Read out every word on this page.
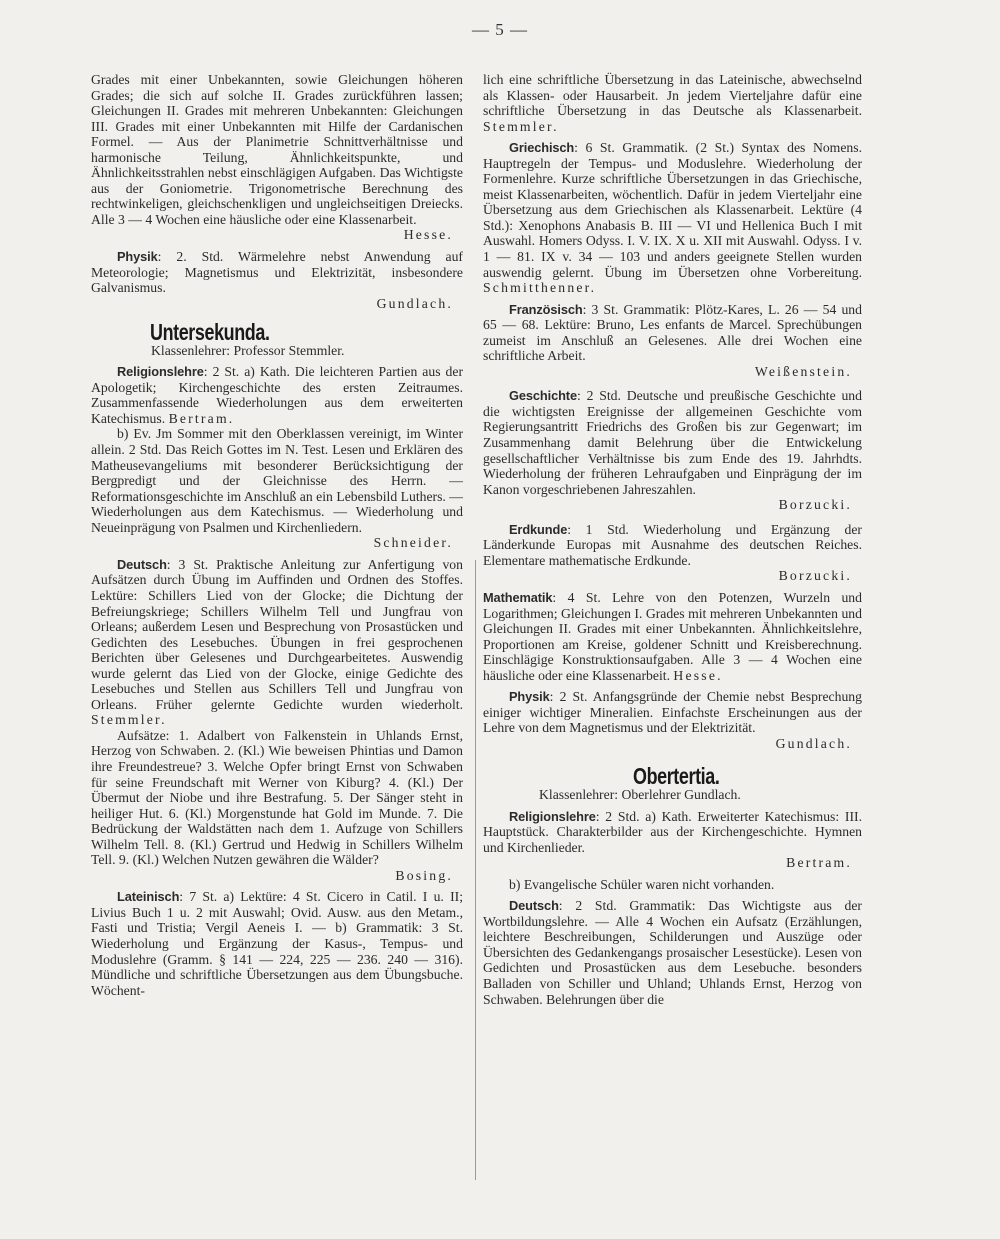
— 5 —

Grades mit einer Unbekannten, sowie Gleichungen höheren Grades; die sich auf solche II. Grades zurückführen lassen; Gleichungen II. Grades mit mehreren Unbekannten: Gleichungen III. Grades mit einer Unbekannten mit Hilfe der Cardanischen Formel. — Aus der Planimetrie Schnittverhältnisse und harmonische Teilung, Ähnlichkeitspunkte, und Ähnlichkeitsstrahlen nebst einschlägigen Aufgaben. Das Wichtigste aus der Goniometrie. Trigonometrische Berechnung des rechtwinkeligen, gleichschenkligen und ungleichseitigen Dreiecks. Alle 3 — 4 Wochen eine häusliche oder eine Klassenarbeit.

Hesse.

Physik: 2. Std. Wärmelehre nebst Anwendung auf Meteorologie; Magnetismus und Elektrizität, insbesondere Galvanismus.

Gundlach.

Untersekunda.

Klassenlehrer: Professor Stemmler.

Religionslehre: 2 St. a) Kath. Die leichteren Partien aus der Apologetik; Kirchengeschichte des ersten Zeitraumes. Zusammenfassende Wiederholungen aus dem erweiterten Katechismus. Bertram.

b) Ev. Jm Sommer mit den Oberklassen vereinigt, im Winter allein. 2 Std. Das Reich Gottes im N. Test. Lesen und Erklären des Matheusevangeliums mit besonderer Berücksichtigung der Bergpredigt und der Gleichnisse des Herrn. — Reformationsgeschichte im Anschluß an ein Lebensbild Luthers. — Wiederholungen aus dem Katechismus. — Wiederholung und Neueinprägung von Psalmen und Kirchenliedern.

Schneider.

Deutsch: 3 St. Praktische Anleitung zur Anfertigung von Aufsätzen durch Übung im Auffinden und Ordnen des Stoffes. Lektüre: Schillers Lied von der Glocke; die Dichtung der Befreiungskriege; Schillers Wilhelm Tell und Jungfrau von Orleans; außerdem Lesen und Besprechung von Prosastücken und Gedichten des Lesebuches. Übungen in frei gesprochenen Berichten über Gelesenes und Durchgearbeitetes. Auswendig wurde gelernt das Lied von der Glocke, einige Gedichte des Lesebuches und Stellen aus Schillers Tell und Jungfrau von Orleans. Früher gelernte Gedichte wurden wiederholt. Stemmler.

Aufsätze: 1. Adalbert von Falkenstein in Uhlands Ernst, Herzog von Schwaben. 2. (Kl.) Wie beweisen Phintias und Damon ihre Freundestreue? 3. Welche Opfer bringt Ernst von Schwaben für seine Freundschaft mit Werner von Kiburg? 4. (Kl.) Der Übermut der Niobe und ihre Bestrafung. 5. Der Sänger steht in heiliger Hut. 6. (Kl.) Morgenstunde hat Gold im Munde. 7. Die Bedrückung der Waldstätten nach dem 1. Aufzuge von Schillers Wilhelm Tell. 8. (Kl.) Gertrud und Hedwig in Schillers Wilhelm Tell. 9. (Kl.) Welchen Nutzen gewähren die Wälder?

Bosing.

Lateinisch: 7 St. a) Lektüre: 4 St. Cicero in Catil. I u. II; Livius Buch 1 u. 2 mit Auswahl; Ovid. Ausw. aus den Metam., Fasti und Tristia; Vergil Aeneis I. — b) Grammatik: 3 St. Wiederholung und Ergänzung der Kasus-, Tempus- und Moduslehre (Gramm. § 141 — 224, 225 — 236. 240 — 316). Mündliche und schriftliche Übersetzungen aus dem Übungsbuche. Wöchent-

lich eine schriftliche Übersetzung in das Lateinische, abwechselnd als Klassen- oder Hausarbeit. Jn jedem Vierteljahre dafür eine schriftliche Übersetzung in das Deutsche als Klassenarbeit. Stemmler.

Griechisch: 6 St. Grammatik. (2 St.) Syntax des Nomens. Hauptregeln der Tempus- und Moduslehre. Wiederholung der Formenlehre. Kurze schriftliche Übersetzungen in das Griechische, meist Klassenarbeiten, wöchentlich. Dafür in jedem Vierteljahr eine Übersetzung aus dem Griechischen als Klassenarbeit. Lektüre (4 Std.): Xenophons Anabasis B. III — VI und Hellenica Buch I mit Auswahl. Homers Odyss. I. V. IX. X u. XII mit Auswahl. Odyss. I v. 1 — 81. IX v. 34 — 103 und anders geeignete Stellen wurden auswendig gelernt. Übung im Übersetzen ohne Vorbereitung. Schmitthenner.

Französisch: 3 St. Grammatik: Plötz-Kares, L. 26 — 54 und 65 — 68. Lektüre: Bruno, Les enfants de Marcel. Sprechübungen zumeist im Anschluß an Gelesenes. Alle drei Wochen eine schriftliche Arbeit.

Weißenstein.

Geschichte: 2 Std. Deutsche und preußische Geschichte und die wichtigsten Ereignisse der allgemeinen Geschichte vom Regierungsantritt Friedrichs des Großen bis zur Gegenwart; im Zusammenhang damit Belehrung über die Entwickelung gesellschaftlicher Verhältnisse bis zum Ende des 19. Jahrhdts. Wiederholung der früheren Lehraufgaben und Einprägung der im Kanon vorgeschriebenen Jahreszahlen.

Borzucki.

Erdkunde: 1 Std. Wiederholung und Ergänzung der Länderkunde Europas mit Ausnahme des deutschen Reiches. Elementare mathematische Erdkunde.

Borzucki.

Mathematik: 4 St. Lehre von den Potenzen, Wurzeln und Logarithmen; Gleichungen I. Grades mit mehreren Unbekannten und Gleichungen II. Grades mit einer Unbekannten. Ähnlichkeitslehre, Proportionen am Kreise, goldener Schnitt und Kreisberechnung. Einschlägige Konstruktionsaufgaben. Alle 3 — 4 Wochen eine häusliche oder eine Klassenarbeit. Hesse.

Physik: 2 St. Anfangsgründe der Chemie nebst Besprechung einiger wichtiger Mineralien. Einfachste Erscheinungen aus der Lehre von dem Magnetismus und der Elektrizität.

Gundlach.

Obertertia.

Klassenlehrer: Oberlehrer Gundlach.

Religionslehre: 2 Std. a) Kath. Erweiterter Katechismus: III. Hauptstück. Charakterbilder aus der Kirchengeschichte. Hymnen und Kirchenlieder.

Bertram.

b) Evangelische Schüler waren nicht vorhanden.

Deutsch: 2 Std. Grammatik: Das Wichtigste aus der Wortbildungslehre. — Alle 4 Wochen ein Aufsatz (Erzählungen, leichtere Beschreibungen, Schilderungen und Auszüge oder Übersichten des Gedankengangs prosaischer Lesestücke). Lesen von Gedichten und Prosastücken aus dem Lesebuche. besonders Balladen von Schiller und Uhland; Uhlands Ernst, Herzog von Schwaben. Belehrungen über die
